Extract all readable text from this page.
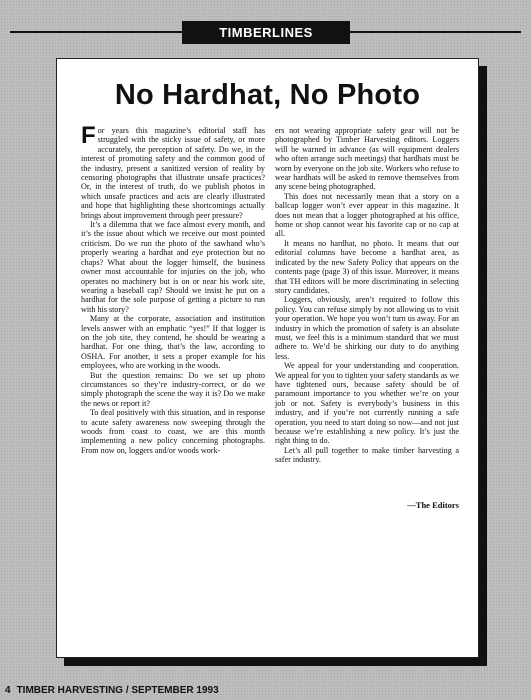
TIMBERLINES
No Hardhat, No Photo

For years this magazine’s editorial staff has struggled with the sticky issue of safety, or more accurately, the perception of safety. Do we, in the interest of promoting safety and the common good of the industry, present a sanitized version of reality by censoring photographs that illustrate unsafe practices? Or, in the interest of truth, do we publish photos in which unsafe practices and acts are clearly illustrated and hope that highlighting these shortcomings actually brings about improvement through peer pressure?

It’s a dilemma that we face almost every month, and it’s the issue about which we receive our most pointed criticism. Do we run the photo of the sawhand who’s properly wearing a hardhat and eye protection but no chaps? What about the logger himself, the business owner most accountable for injuries on the job, who operates no machinery but is on or near his work site, wearing a baseball cap? Should we insist he put on a hardhat for the sole purpose of getting a picture to run with his story?

Many at the corporate, association and institution levels answer with an emphatic “yes!” If that logger is on the job site, they contend, he should be wearing a hardhat. For one thing, that’s the law, according to OSHA. For another, it sets a proper example for his employees, who are working in the woods.

But the question remains: Do we set up photo circumstances so they’re industry-correct, or do we simply photograph the scene the way it is? Do we make the news or report it?

To deal positively with this situation, and in response to acute safety awareness now sweeping through the woods from coast to coast, we are this month implementing a new policy concerning photographs. From now on, loggers and/or woods work-

ers not wearing appropriate safety gear will not be photographed by Timber Harvesting editors. Loggers will be warned in advance (as will equipment dealers who often arrange such meetings) that hardhats must be worn by everyone on the job site. Workers who refuse to wear hardhats will be asked to remove themselves from any scene being photographed.

This does not necessarily mean that a story on a ballcap logger won’t ever appear in this magazine. It does not mean that a logger photographed at his office, home or shop cannot wear his favorite cap or no cap at all.

It means no hardhat, no photo. It means that our editorial columns have become a hardhat area, as indicated by the new Safety Policy that appears on the contents page (page 3) of this issue. Moreover, it means that TH editors will be more discriminating in selecting story candidates.

Loggers, obviously, aren’t required to follow this policy. You can refuse simply by not allowing us to visit your operation. We hope you won’t turn us away. For an industry in which the promotion of safety is an absolute must, we feel this is a minimum standard that we must adhere to. We’d be shirking our duty to do anything less.

We appeal for your understanding and cooperation. We appeal for you to tighten your safety standards as we have tightened ours, because safety should be of paramount importance to you whether we’re on your job or not. Safety is everybody’s business in this industry, and if you’re not currently running a safe operation, you need to start doing so now—and not just because we’re establishing a new policy. It’s just the right thing to do.

Let’s all pull together to make timber harvesting a safer industry.

—The Editors
4 TIMBER HARVESTING / SEPTEMBER 1993
